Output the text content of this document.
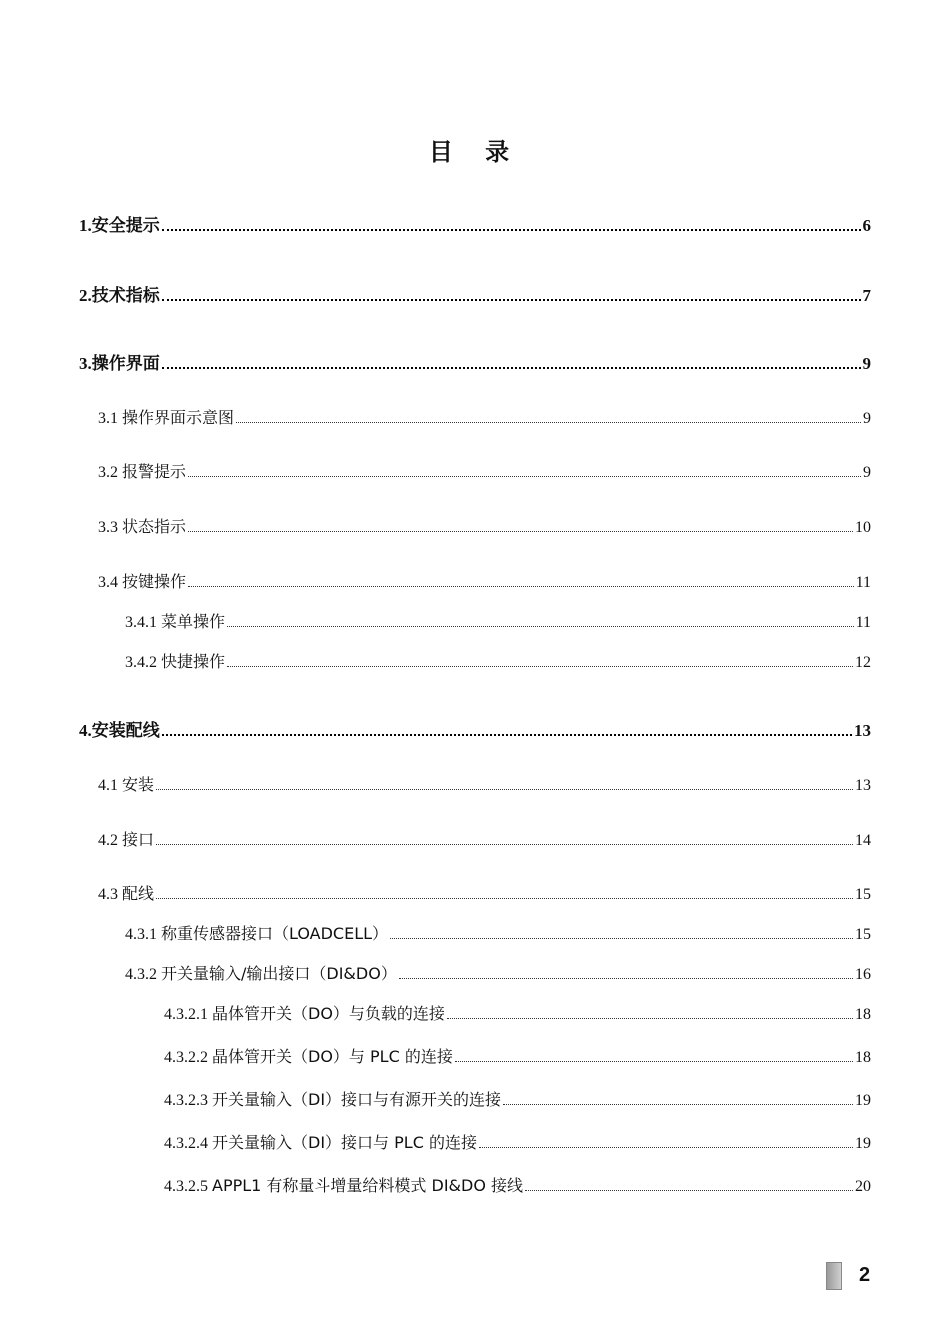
目 录
1.安全提示	6
2.技术指标	7
3.操作界面	9
3.1 操作界面示意图	9
3.2 报警提示	9
3.3 状态指示	10
3.4 按键操作	11
3.4.1 菜单操作	11
3.4.2 快捷操作	12
4.安装配线	13
4.1 安装	13
4.2 接口	14
4.3 配线	15
4.3.1 称重传感器接口（LOADCELL）	15
4.3.2 开关量输入/输出接口（DI&DO）	16
4.3.2.1 晶体管开关（DO）与负载的连接	18
4.3.2.2 晶体管开关（DO）与 PLC 的连接	18
4.3.2.3 开关量输入（DI）接口与有源开关的连接	19
4.3.2.4 开关量输入（DI）接口与 PLC 的连接	19
4.3.2.5 APPL1 有称量斗增量给料模式 DI&DO 接线	20
2
